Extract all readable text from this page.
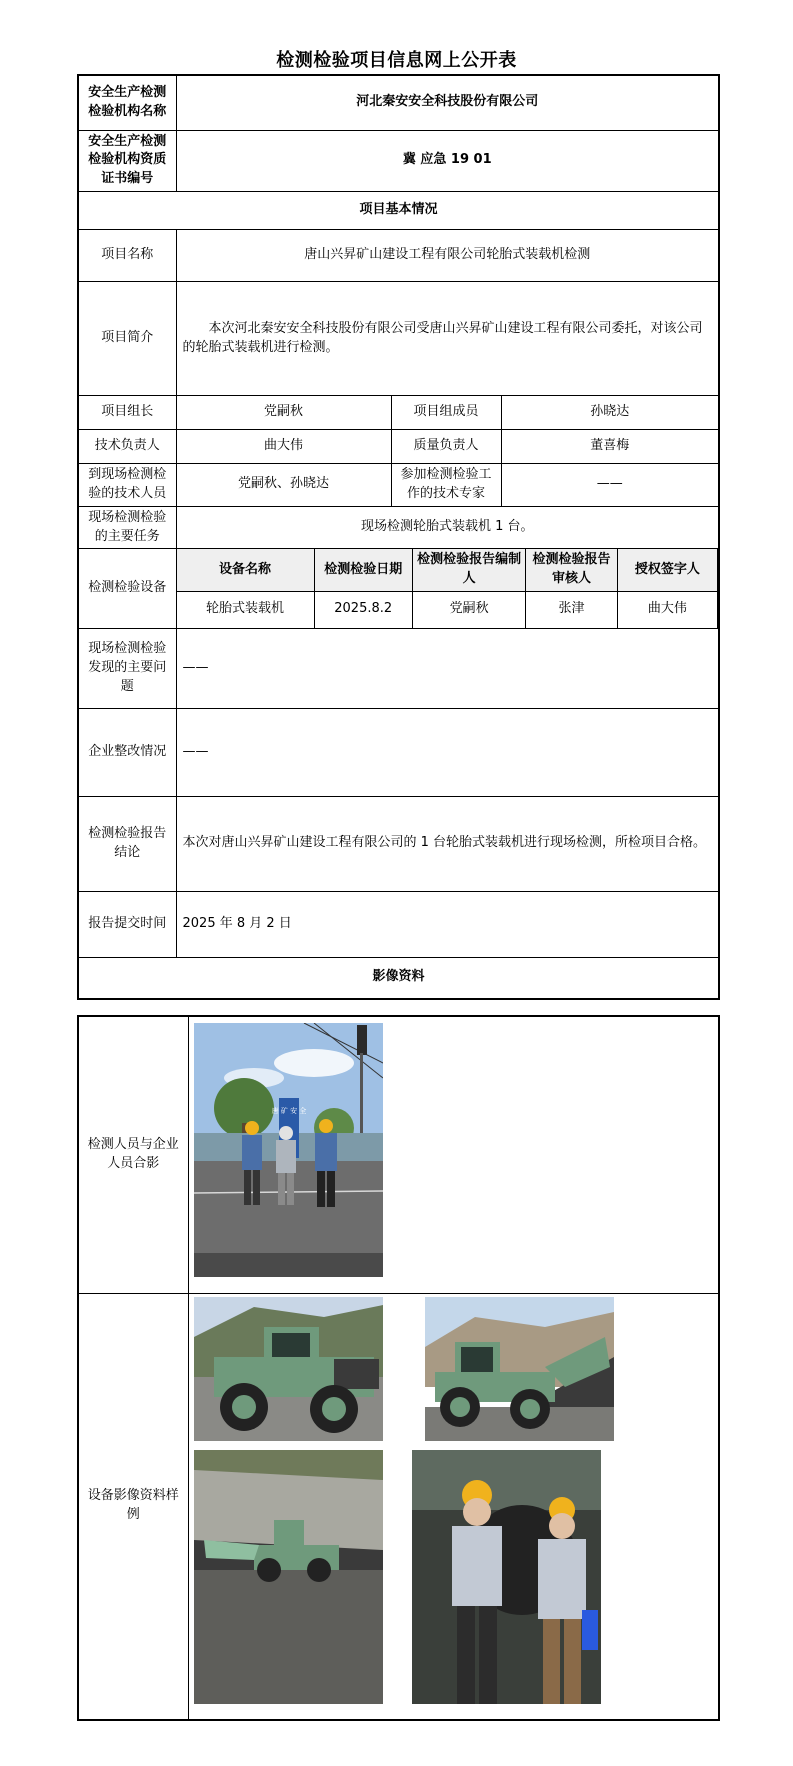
检测检验项目信息网上公开表
安全生产检测检验机构名称	河北秦安安全科技股份有限公司
安全生产检测检验机构资质证书编号	冀 应急 19 01
项目基本情况
项目名称	唐山兴昇矿山建设工程有限公司轮胎式装载机检测
项目简介	本次河北秦安安全科技股份有限公司受唐山兴昇矿山建设工程有限公司委托，对该公司的轮胎式装载机进行检测。
项目组长	党嗣秋	项目组成员	孙晓达
技术负责人	曲大伟	质量负责人	董喜梅
到现场检测检验的技术人员	党嗣秋、孙晓达	参加检测检验工作的技术专家	——
现场检测检验的主要任务	现场检测轮胎式装载机 1 台。
检测检验设备	
设备名称	检测检验日期	检测检验报告编制人	检测检验报告审核人	授权签字人
轮胎式装载机	2025.8.2	党嗣秋	张津	曲大伟

现场检测检验发现的主要问题	——
企业整改情况	——
检测检验报告结论	本次对唐山兴昇矿山建设工程有限公司的 1 台轮胎式装载机进行现场检测，所检项目合格。
报告提交时间	2025 年 8 月 2 日
影像资料
检测人员与企业人员合影	
设备影像资料样例	
唐 矿 安 全
